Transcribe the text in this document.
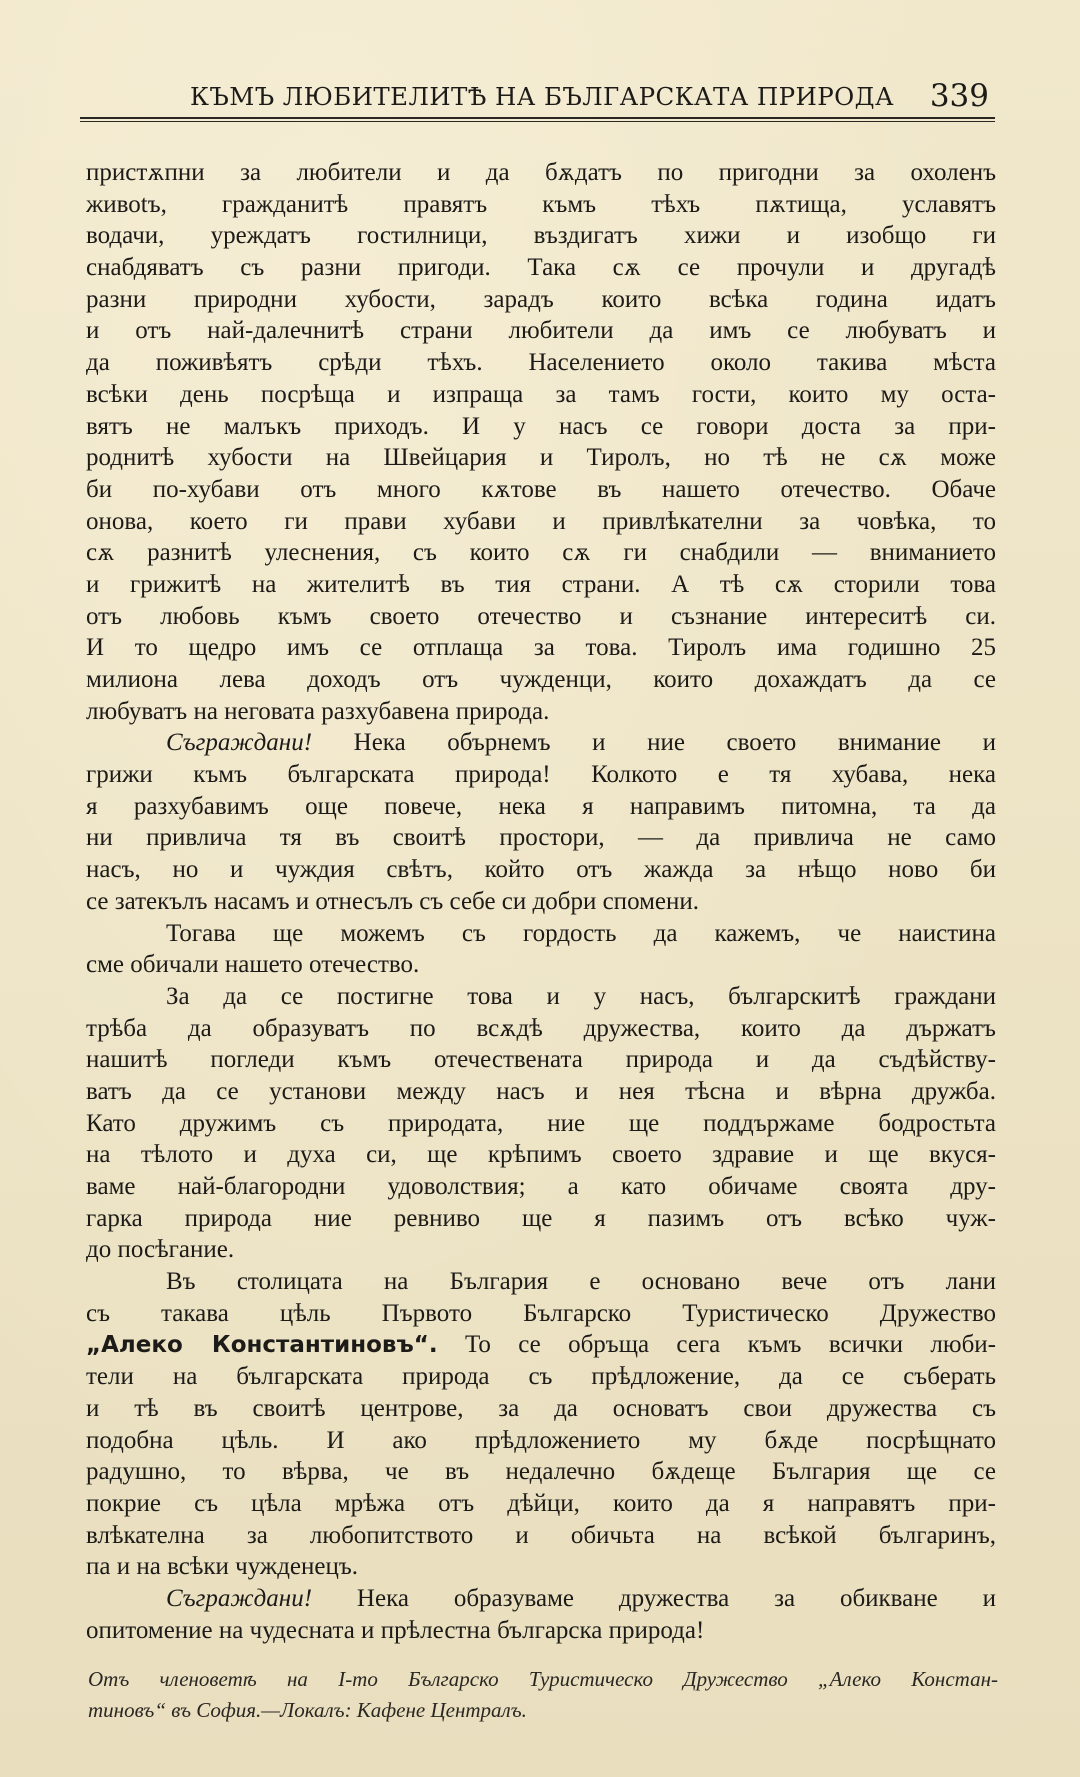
КЪМЪ ЛЮБИТЕЛИТѢ НА БЪЛГАРСКАТА ПРИРОДА 339
пристѫпни за любители и да бѫдатъ по пригодни за охоленъ
живоtъ, гражданитѣ правятъ къмъ тѣхъ пѫтища, уславятъ
водачи, уреждатъ гостилници, въздигатъ хижи и изобщо ги
снабдяватъ съ разни пригоди. Така сѫ се прочули и другадѣ
разни природни хубости, зарадъ които всѣка година идатъ
и отъ най-далечнитѣ страни любители да имъ се любуватъ и
да поживѣятъ срѣди тѣхъ. Населението около такива мѣста
всѣки день посрѣща и изпраща за тамъ гости, които му оста-
вятъ не малъкъ приходъ. И у насъ се говори доста за при-
роднитѣ хубости на Швейцария и Тиролъ, но тѣ не сѫ може
би по-хубави отъ много кѫтове въ нашето отечество. Обаче
онова, което ги прави хубави и привлѣкателни за човѣка, то
сѫ разнитѣ улеснения, съ които сѫ ги снабдили — вниманието
и грижитѣ на жителитѣ въ тия страни. А тѣ сѫ сторили това
отъ любовь къмъ своето отечество и съзнание интереситѣ си.
И то щедро имъ се отплаща за това. Тиролъ има годишно 25
милиона лева доходъ отъ чужденци, които дохаждатъ да се
любуватъ на неговата разхубавена природа.
Съграждани! Нека обърнемъ и ние своето внимание и
грижи къмъ българската природа! Колкото е тя хубава, нека
я разхубавимъ още повече, нека я направимъ питомна, та да
ни привлича тя въ своитѣ простори, — да привлича не само
насъ, но и чуждия свѣтъ, който отъ жажда за нѣщо ново би
се затекълъ насамъ и отнесълъ съ себе си добри спомени.
Тогава ще можемъ съ гордость да кажемъ, че наистина
сме обичали нашето отечество.
За да се постигне това и у насъ, българскитѣ граждани
трѣба да образуватъ по всѫдѣ дружества, които да държатъ
нашитѣ погледи къмъ отечествената природа и да съдѣйству-
ватъ да се установи между насъ и нея тѣсна и вѣрна дружба.
Като дружимъ съ природата, ние ще поддържаме бодростьта
на тѣлото и духа си, ще крѣпимъ своето здравие и ще вкуся-
ваме най-благородни удоволствия; а като обичаме своята дру-
гарка природа ние ревниво ще я пазимъ отъ всѣко чуж-
до посѣгание.
Въ столицата на България е основано вече отъ лани
съ такава цѣль Първото Българско Туристическо Дружество
„Алеко Константиновъ“. То се обръща сега къмъ всички люби-
тели на българската природа съ прѣдложение, да се съберать
и тѣ въ своитѣ центрове, за да основатъ свои дружества съ
подобна цѣль. И ако прѣдложението му бѫде посрѣщнато
радушно, то вѣрва, че въ недалечно бѫдеще България ще се
покрие съ цѣла мрѣжа отъ дѣйци, които да я направятъ при-
влѣкателна за любопитството и обичьта на всѣкой българинъ,
па и на всѣки чужденецъ.
Съграждани! Нека образуваме дружества за обикване и
опитомение на чудесната и прѣлестна българска природа!
Отъ членоветѣ на I-то Българско Туристическо Дружество „Алеко Констан-
тиновъ“ въ София.—Локалъ: Кафене Централъ.
